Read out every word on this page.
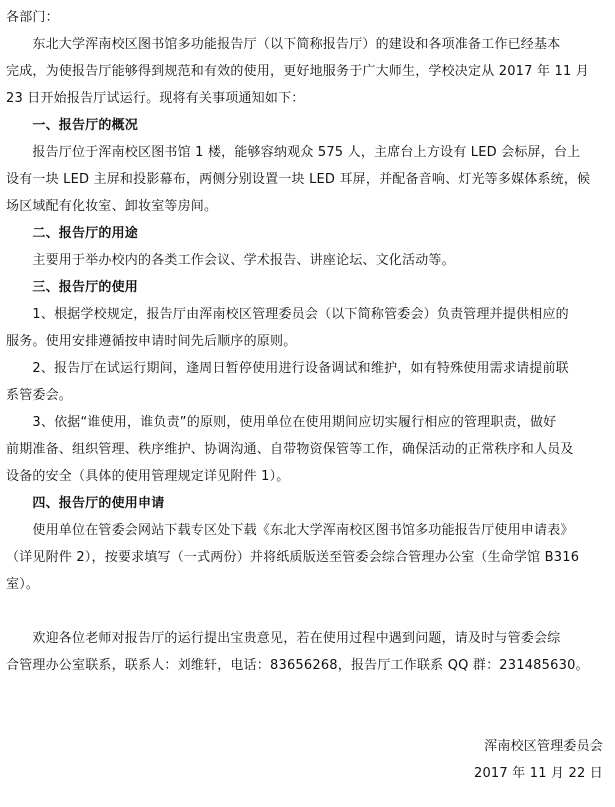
各部门：

　　东北大学浑南校区图书馆多功能报告厅（以下简称报告厅）的建设和各项准备工作已经基本

完成，为使报告厅能够得到规范和有效的使用，更好地服务于广大师生，学校决定从 2017 年 11 月

23 日开始报告厅试运行。现将有关事项通知如下：

　　一、报告厅的概况

　　报告厅位于浑南校区图书馆 1 楼，能够容纳观众 575 人，主席台上方设有 LED 会标屏，台上

设有一块 LED 主屏和投影幕布，两侧分别设置一块 LED 耳屏，并配备音响、灯光等多媒体系统，候

场区域配有化妆室、卸妆室等房间。

　　二、报告厅的用途

　　主要用于举办校内的各类工作会议、学术报告、讲座论坛、文化活动等。

　　三、报告厅的使用

　　1、根据学校规定，报告厅由浑南校区管理委员会（以下简称管委会）负责管理并提供相应的

服务。使用安排遵循按申请时间先后顺序的原则。

　　2、报告厅在试运行期间，逢周日暂停使用进行设备调试和维护，如有特殊使用需求请提前联

系管委会。

　　3、依据“谁使用，谁负责”的原则，使用单位在使用期间应切实履行相应的管理职责，做好

前期准备、组织管理、秩序维护、协调沟通、自带物资保管等工作，确保活动的正常秩序和人员及

设备的安全（具体的使用管理规定详见附件 1）。

　　四、报告厅的使用申请

　　使用单位在管委会网站下载专区处下载《东北大学浑南校区图书馆多功能报告厅使用申请表》

（详见附件 2），按要求填写（一式两份）并将纸质版送至管委会综合管理办公室（生命学馆 B316

室）。

　　欢迎各位老师对报告厅的运行提出宝贵意见，若在使用过程中遇到问题，请及时与管委会综

合管理办公室联系，联系人：刘维轩，电话：83656268，报告厅工作联系 QQ 群：231485630。

浑南校区管理委员会

2017 年 11 月 22 日
